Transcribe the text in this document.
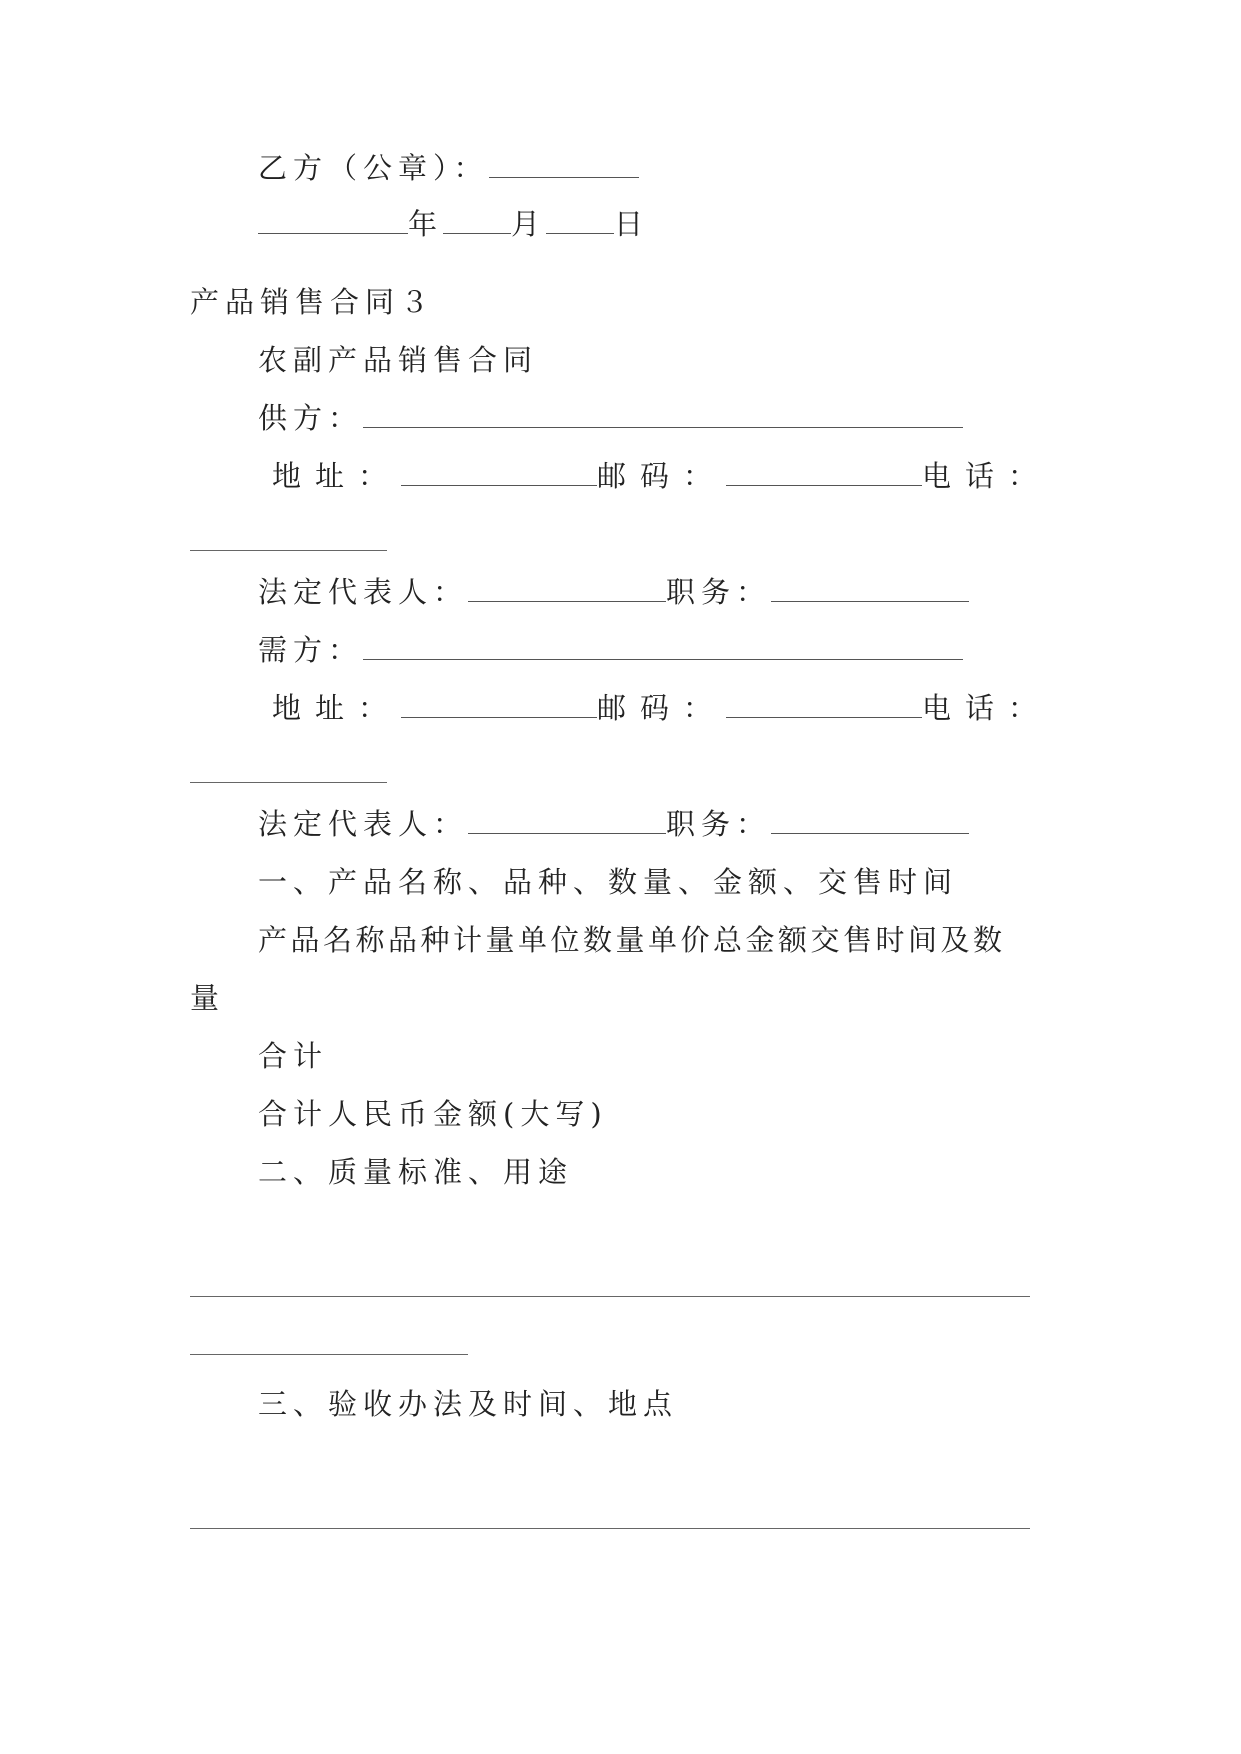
乙方（公章）：
年 月 日
产品销售合同３
农副产品销售合同
供方：
地址：	邮码：	电话：
法定代表人：	职务：
需方：
地址：	邮码：	电话：
法定代表人：	职务：
一、产品名称、品种、数量、金额、交售时间
产品名称品种计量单位数量单价总金额交售时间及数
量
合计
合计人民币金额(大写)
二、质量标准、用途
三、验收办法及时间、地点
